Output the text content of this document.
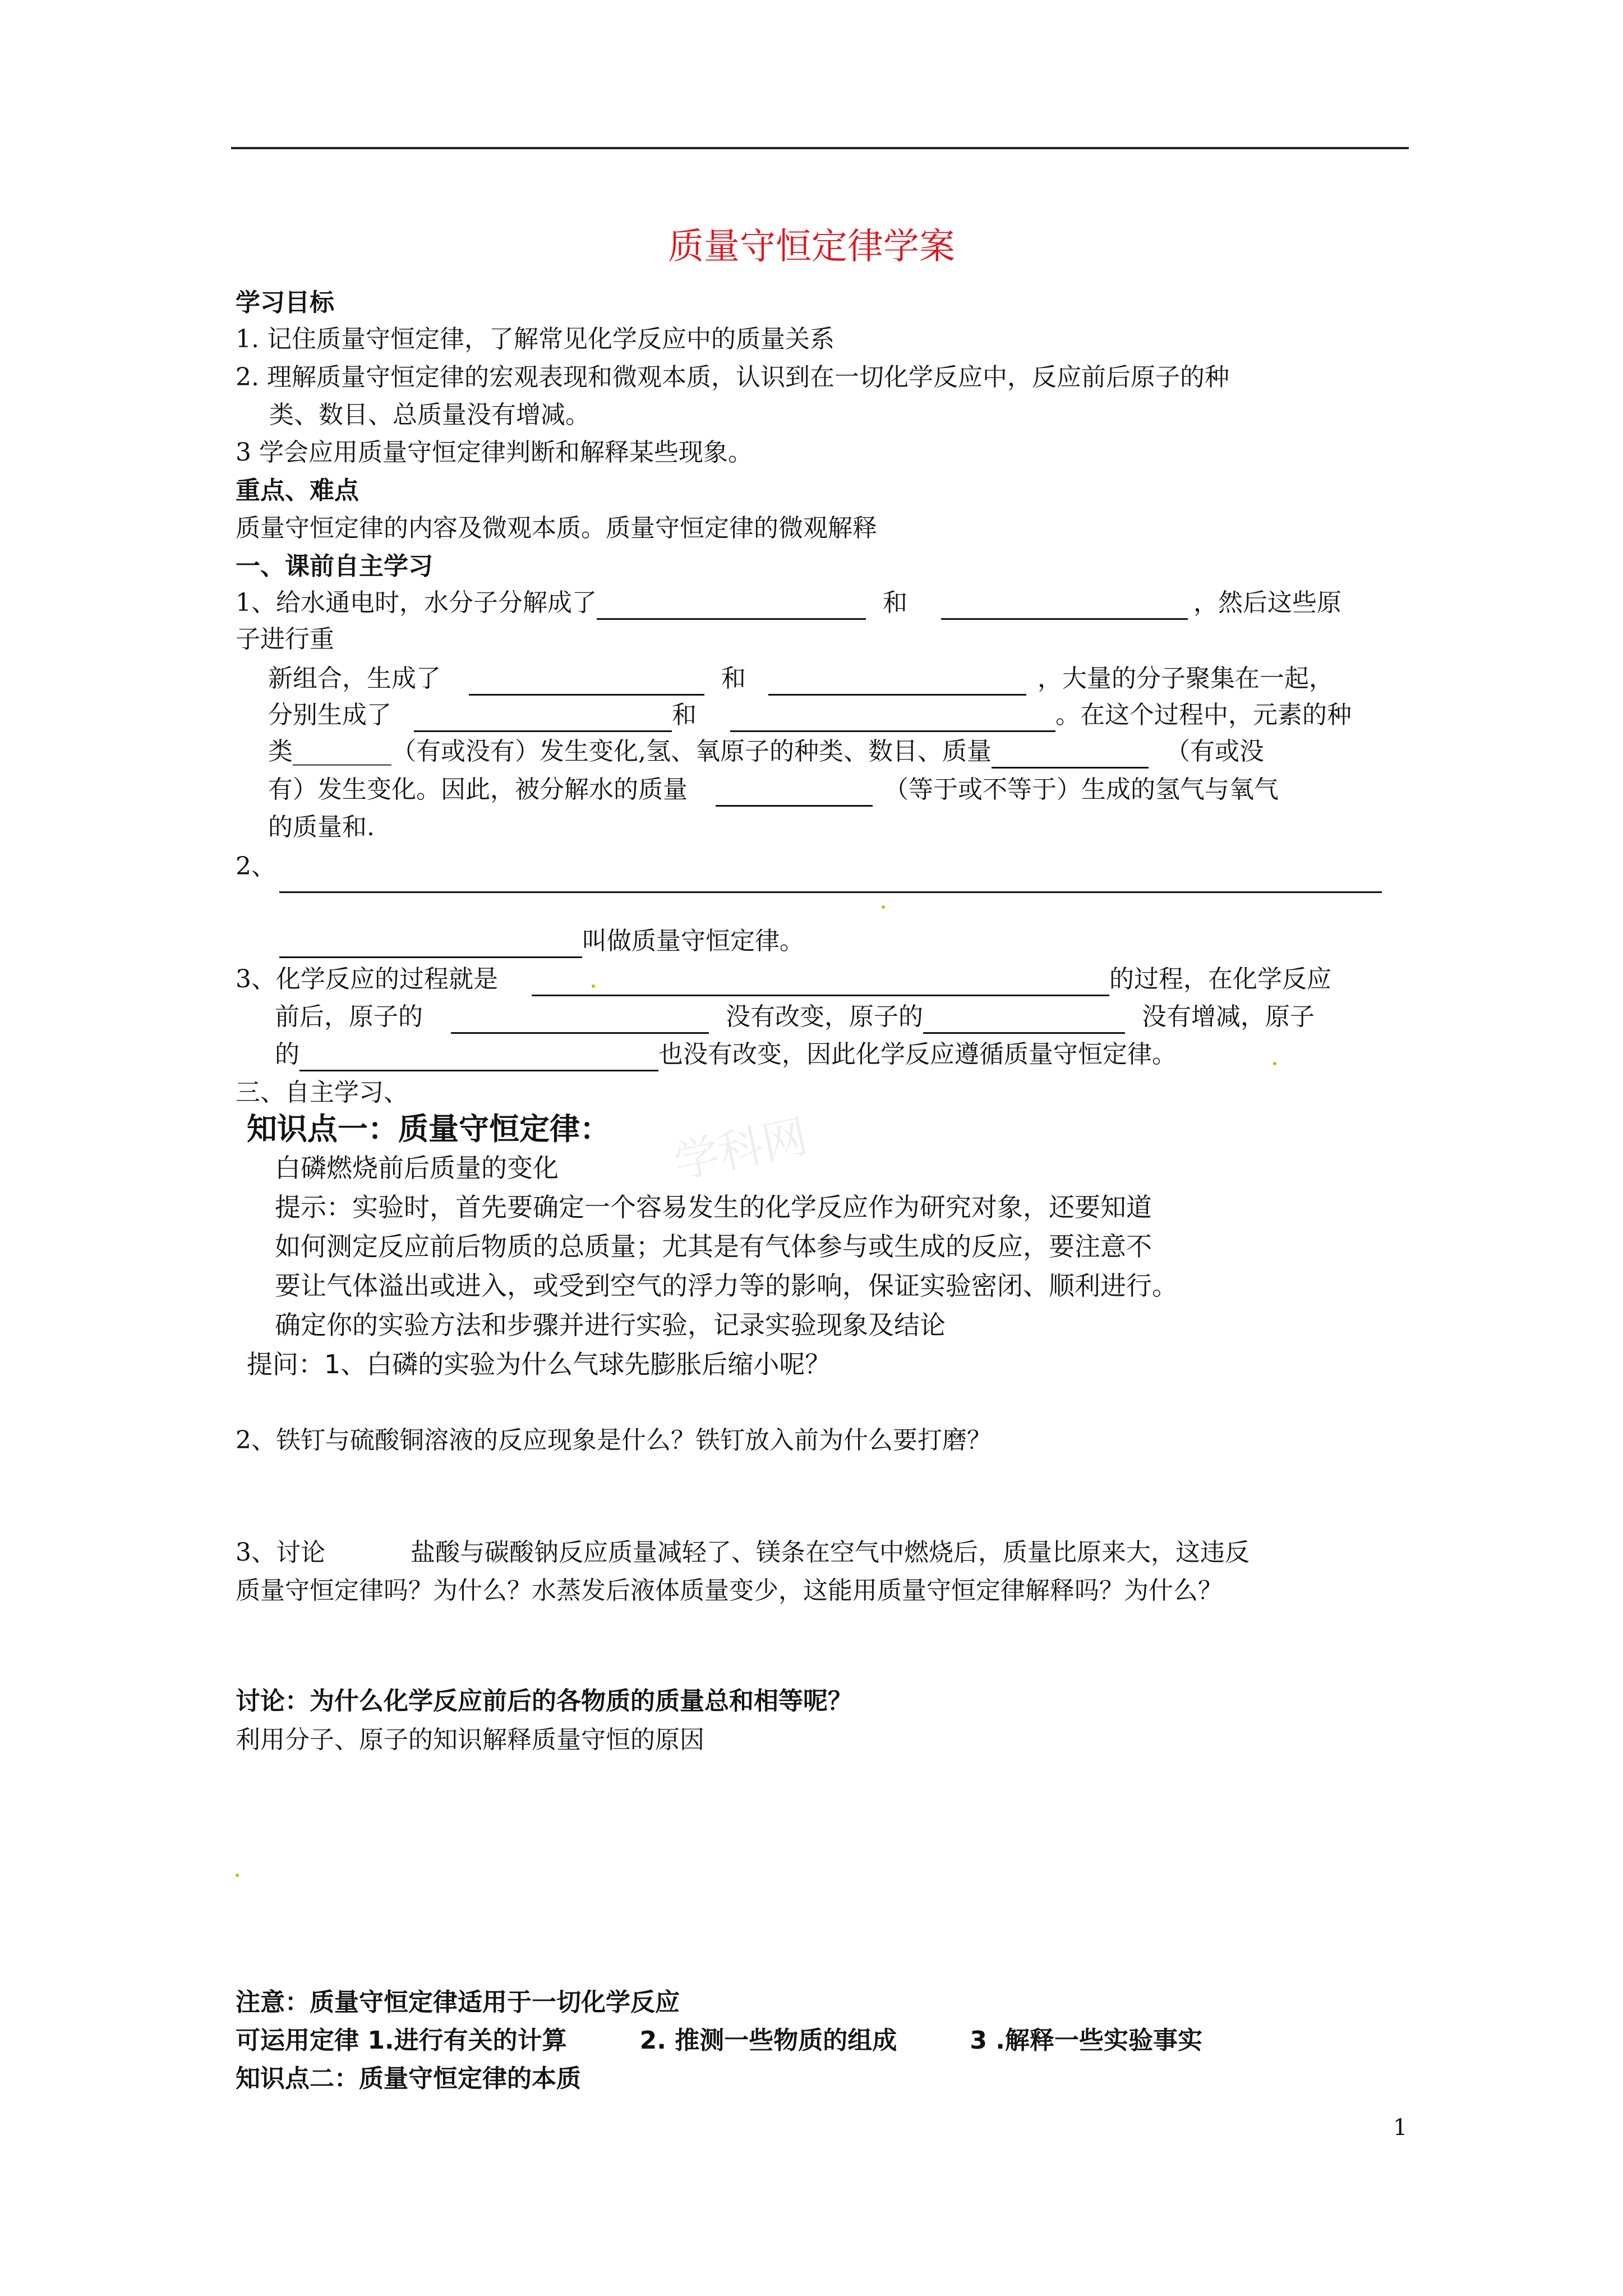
质量守恒定律学案
学习目标
1. 记住质量守恒定律，了解常见化学反应中的质量关系
2. 理解质量守恒定律的宏观表现和微观本质，认识到在一切化学反应中，反应前后原子的种
类、数目、总质量没有增减。
3 学会应用质量守恒定律判断和解释某些现象。
重点、难点
质量守恒定律的内容及微观本质。质量守恒定律的微观解释
一、课前自主学习
1、给水通电时，水分子分解成了	和	，然后这些原
子进行重
新组合，生成了	和	，大量的分子聚集在一起，
分别生成了	和	。在这个过程中，元素的种
类________（有或没有）发生变化,氢、氧原子的种类、数目、质量	（有或没
有）发生变化。因此，被分解水的质量	（等于或不等于）生成的氢气与氧气
的质量和.
2、
叫做质量守恒定律。
3、化学反应的过程就是	的过程，在化学反应
前后，原子的	没有改变，原子的	没有增减，原子
的	也没有改变，因此化学反应遵循质量守恒定律。
三、自主学习、
学科网
知识点一：质量守恒定律：
白磷燃烧前后质量的变化
提示：实验时，首先要确定一个容易发生的化学反应作为研究对象，还要知道
如何测定反应前后物质的总质量；尤其是有气体参与或生成的反应，要注意不
要让气体溢出或进入，或受到空气的浮力等的影响，保证实验密闭、顺利进行。
确定你的实验方法和步骤并进行实验，记录实验现象及结论
提问：1、白磷的实验为什么气球先膨胀后缩小呢？
2、铁钉与硫酸铜溶液的反应现象是什么？铁钉放入前为什么要打磨？
3、讨论	盐酸与碳酸钠反应质量减轻了、镁条在空气中燃烧后，质量比原来大，这违反
质量守恒定律吗？为什么？水蒸发后液体质量变少，这能用质量守恒定律解释吗？为什么？
讨论：为什么化学反应前后的各物质的质量总和相等呢？
利用分子、原子的知识解释质量守恒的原因
注意：质量守恒定律适用于一切化学反应
可运用定律 1.进行有关的计算	2. 推测一些物质的组成	3 .解释一些实验事实
知识点二：质量守恒定律的本质
1
